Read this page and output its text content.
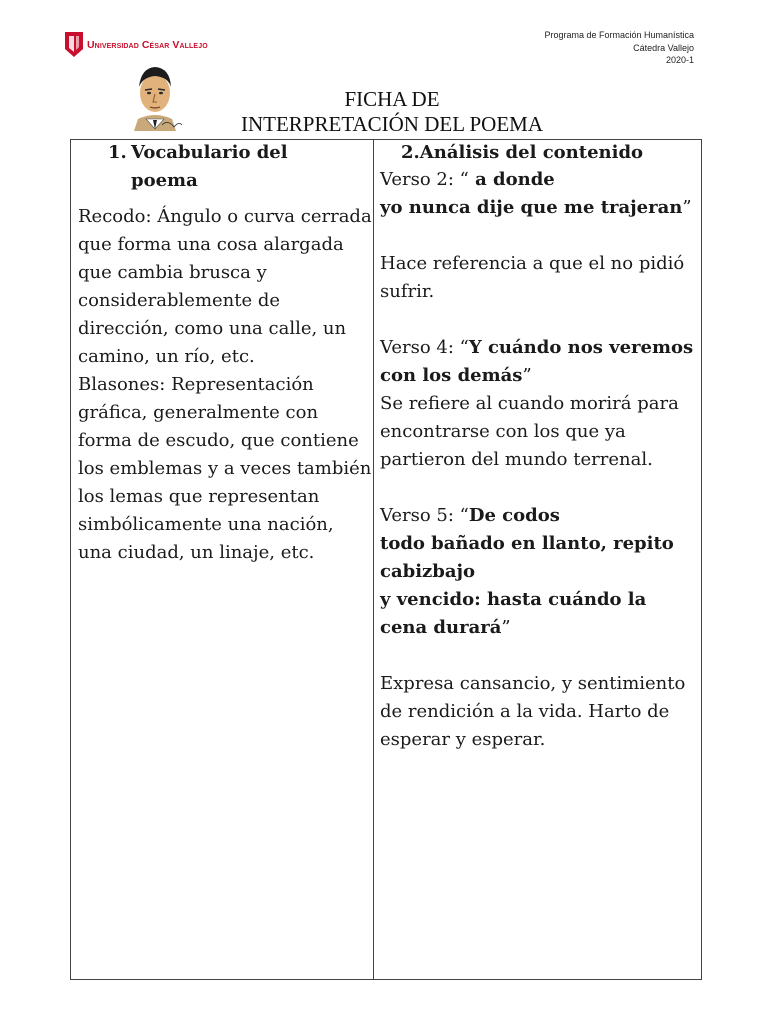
Universidad César Vallejo
Programa de Formación Humanística
Cátedra Vallejo
2020-1
FICHA DE
INTERPRETACIÓN DEL POEMA
1. Vocabulario del
poema

Recodo: Ángulo o curva cerrada que forma una cosa alargada que cambia brusca y considerablemente de dirección, como una calle, un camino, un río, etc.

Blasones: Representación gráfica, generalmente con forma de escudo, que contiene los emblemas y a veces también los lemas que representan simbólicamente una nación, una ciudad, un linaje, etc.

2.Análisis del contenido

Verso 2: “ a donde
yo nunca dije que me trajeran”

Hace referencia a que el no pidió sufrir.

Verso 4: “Y cuándo nos veremos con los demás”

Se refiere al cuando morirá para encontrarse con los que ya partieron del mundo terrenal.

Verso 5: “De codos
todo bañado en llanto, repito cabizbajo
y vencido: hasta cuándo la cena durará”

Expresa cansancio, y sentimiento de rendición a la vida. Harto de esperar y esperar.
